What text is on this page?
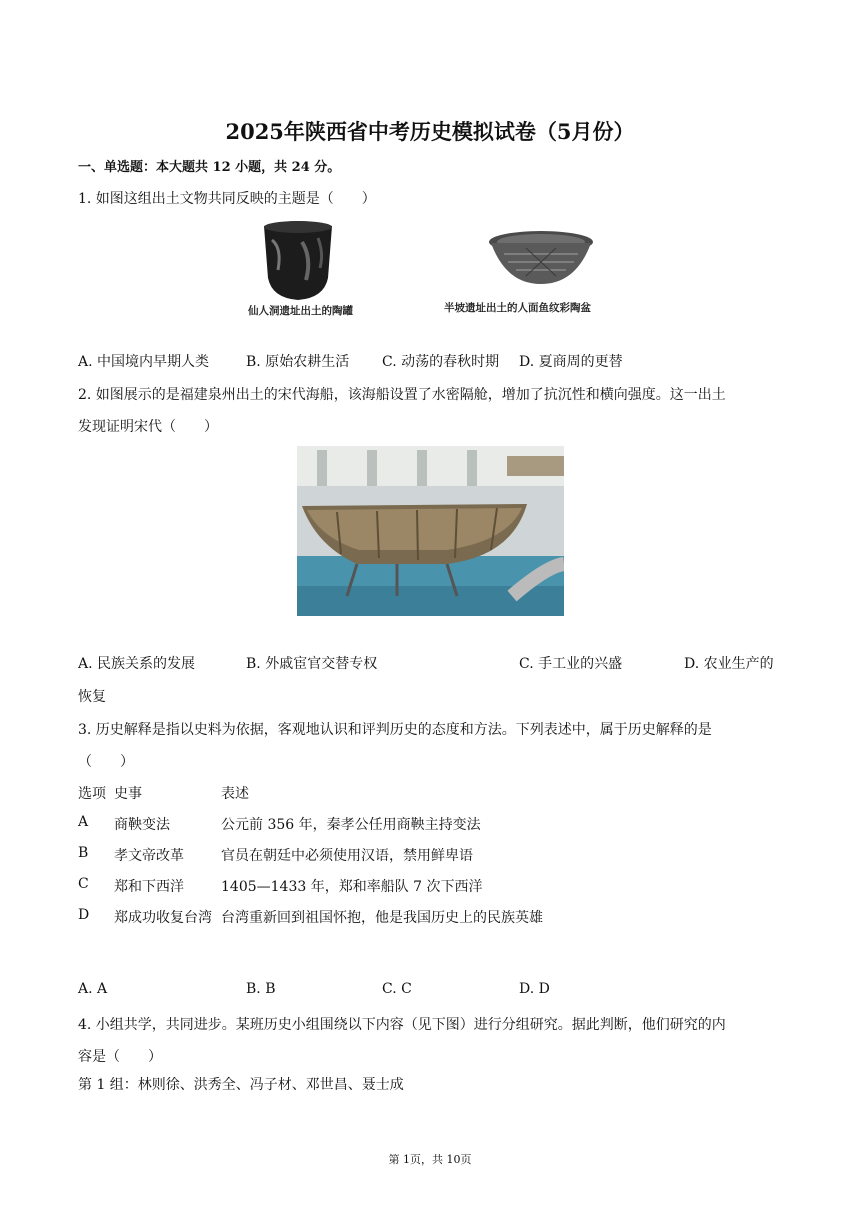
2025年陕西省中考历史模拟试卷（5月份）
一、单选题：本大题共 12 小题，共 24 分。
1. 如图这组出土文物共同反映的主题是（　　）
仙人洞遗址出土的陶罐	半坡遗址出土的人面鱼纹彩陶盆
A. 中国境内早期人类	B. 原始农耕生活 C. 动荡的春秋时期 D. 夏商周的更替
2. 如图展示的是福建泉州出土的宋代海船，该海船设置了水密隔舱，增加了抗沉性和横向强度。这一出土
发现证明宋代（　　）
A. 民族关系的发展	B. 外戚宦官交替专权	C. 手工业的兴盛	D. 农业生产的
恢复
3. 历史解释是指以史料为依据，客观地认识和评判历史的态度和方法。下列表述中，属于历史解释的是
（　　）
选项	史事	表述
A	商鞅变法	公元前 356 年，秦孝公任用商鞅主持变法
B	孝文帝改革	官员在朝廷中必须使用汉语，禁用鲜卑语
C	郑和下西洋	1405—1433 年，郑和率船队 7 次下西洋
D	郑成功收复台湾	台湾重新回到祖国怀抱，他是我国历史上的民族英雄
A. A	B. B	C. C	D. D
4. 小组共学，共同进步。某班历史小组围绕以下内容（见下图）进行分组研究。据此判断，他们研究的内
容是（　　）
第 1 组：林则徐、洪秀全、冯子材、邓世昌、聂士成
第 1页，共 10页
